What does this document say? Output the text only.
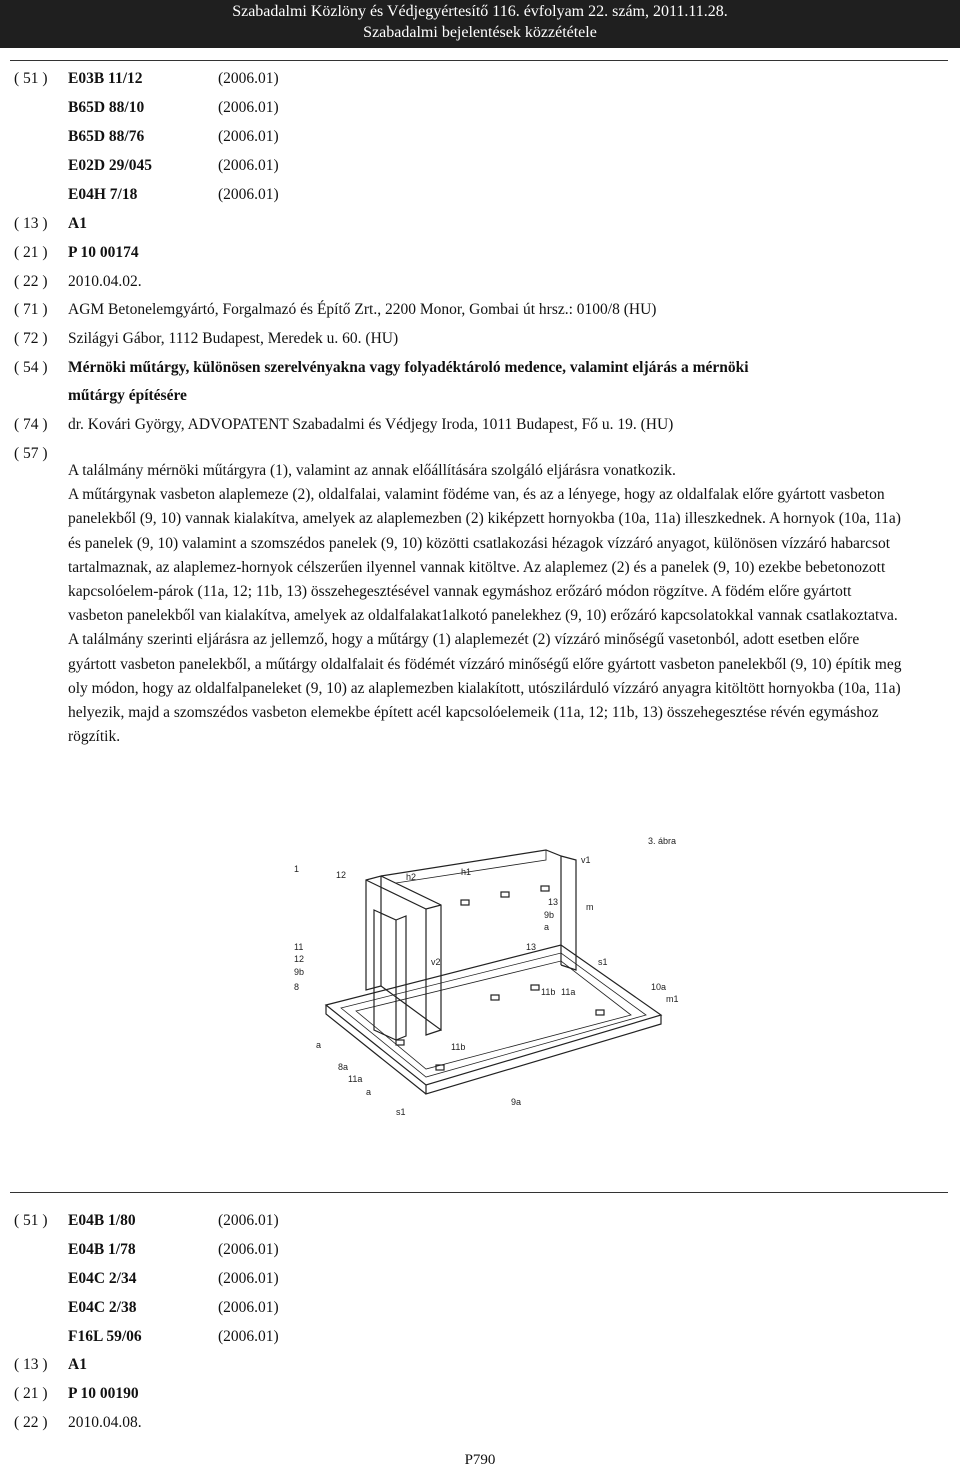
Szabadalmi Közlöny és Védjegyértesítő 116. évfolyam 22. szám, 2011.11.28.
Szabadalmi bejelentések közzététele
( 51 )	E03B 11/12	(2006.01)
B65D 88/10	(2006.01)
B65D 88/76	(2006.01)
E02D 29/045	(2006.01)
E04H 7/18	(2006.01)
( 13 )	A1
( 21 )	P 10 00174
( 22 )	2010.04.02.
( 71 )	AGM Betonelemgyártó, Forgalmazó és Építő Zrt., 2200 Monor, Gombai út hrsz.: 0100/8 (HU)
( 72 )	Szilágyi Gábor, 1112 Budapest, Meredek u. 60. (HU)
( 54 )	Mérnöki műtárgy, különösen szerelvényakna vagy folyadéktároló medence, valamint eljárás a mérnöki
műtárgy építésére
( 74 )	dr. Kovári György, ADVOPATENT Szabadalmi és Védjegy Iroda, 1011 Budapest, Fő u. 19. (HU)
( 57 )

A találmány mérnöki műtárgyra (1), valamint az annak előállítására szolgáló eljárásra vonatkozik.

A műtárgynak vasbeton alaplemeze (2), oldalfalai, valamint födéme van, és az a lényege, hogy az oldalfalak előre gyártott vasbeton panelekből (9, 10) vannak kialakítva, amelyek az alaplemezben (2) kiképzett hornyokba (10a, 11a) illeszkednek. A hornyok (10a, 11a) és panelek (9, 10) valamint a szomszédos panelek (9, 10) közötti csatlakozási hézagok vízzáró anyagot, különösen vízzáró habarcsot tartalmaznak, az alaplemez-hornyok célszerűen ilyennel vannak kitöltve. Az alaplemez (2) és a panelek (9, 10) ezekbe bebetonozott kapcsolóelem-párok (11a, 12; 11b, 13) összehegesztésével vannak egymáshoz erőzáró módon rögzítve. A födém előre gyártott vasbeton panelekből van kialakítva, amelyek az oldalfalakat1alkotó panelekhez (9, 10) erőzáró kapcsolatokkal vannak csatlakoztatva.

A találmány szerinti eljárásra az jellemző, hogy a műtárgy (1) alaplemezét (2) vízzáró minőségű vasetonból, adott esetben előre gyártott vasbeton panelekből, a műtárgy oldalfalait és födémét vízzáró minőségű előre gyártott vasbeton panelekből (9, 10) építik meg oly módon, hogy az oldalfalpaneleket (9, 10) az alaplemezben kialakított, utószilárduló vízzáró anyagra kitöltött hornyokba (10a, 11a) helyezik, majd a szomszédos vasbeton elemekbe épített acél kapcsolóelemeik (11a, 12; 11b, 13) összehegesztése révén egymáshoz rögzítik.

1
12	h2	h1
v1
13
9b
m
a
11
12
9b
v2
13
s1
10a
8	11b 11a
m1
11b
a
8a
11a
a
s1
9a
3. ábra
( 51 )	E04B 1/80	(2006.01)
E04B 1/78	(2006.01)
E04C 2/34	(2006.01)
E04C 2/38	(2006.01)
F16L 59/06	(2006.01)
( 13 )	A1
( 21 )	P 10 00190
( 22 )	2010.04.08.
P790
